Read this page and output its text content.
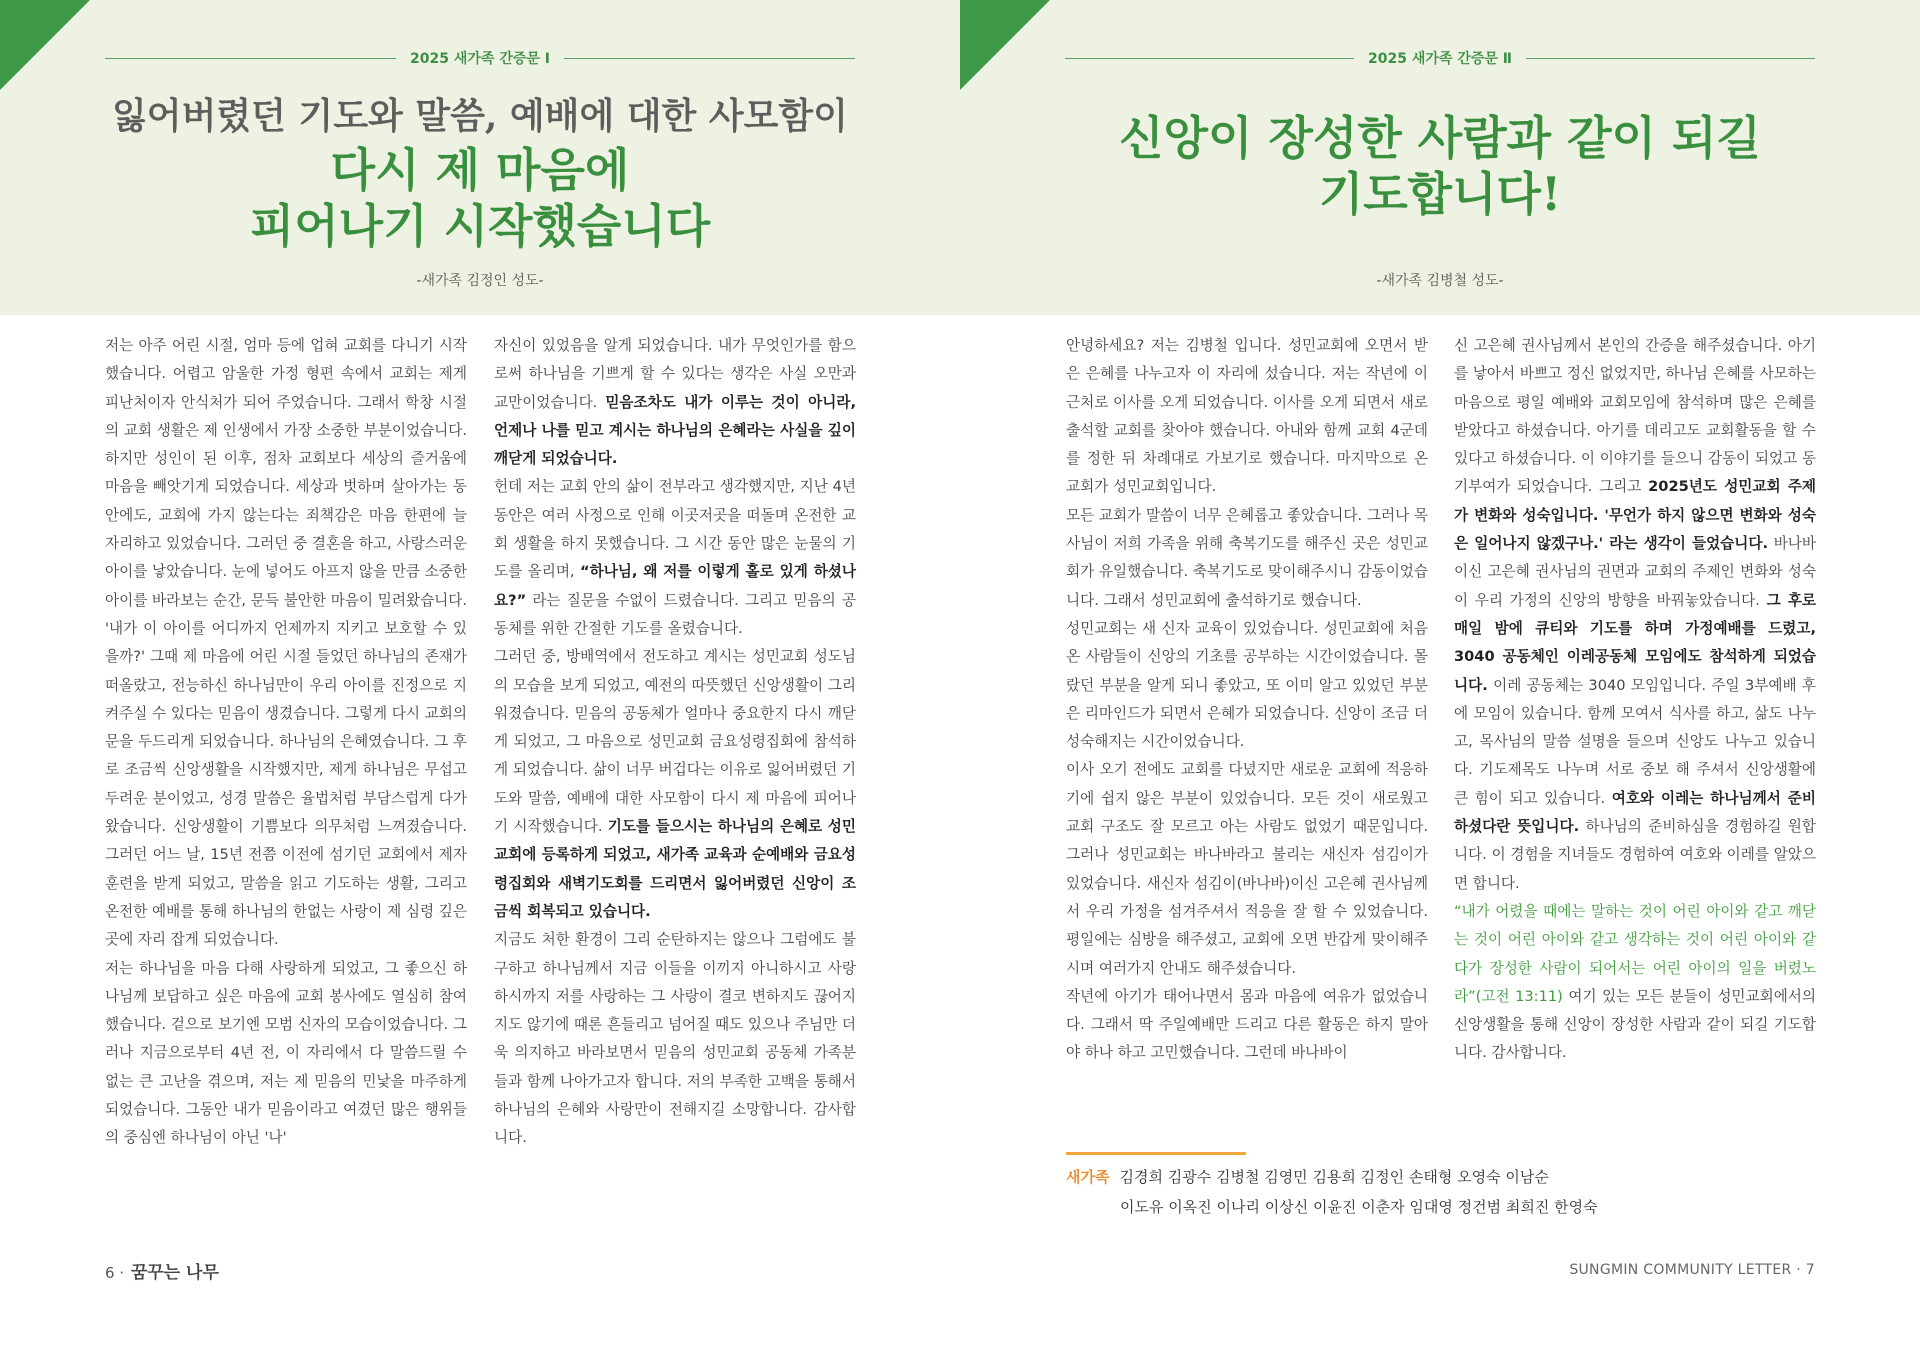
2025 새가족 간증문 Ⅰ
잃어버렸던 기도와 말씀, 예배에 대한 사모함이
다시 제 마음에
피어나기 시작했습니다
-새가족 김정인 성도-

저는 아주 어린 시절, 엄마 등에 업혀 교회를 다니기 시작했습니다. 어렵고 암울한 가정 형편 속에서 교회는 제게 피난처이자 안식처가 되어 주었습니다. 그래서 학창 시절의 교회 생활은 제 인생에서 가장 소중한 부분이었습니다. 하지만 성인이 된 이후, 점차 교회보다 세상의 즐거움에 마음을 빼앗기게 되었습니다. 세상과 벗하며 살아가는 동안에도, 교회에 가지 않는다는 죄책감은 마음 한편에 늘 자리하고 있었습니다. 그러던 중 결혼을 하고, 사랑스러운 아이를 낳았습니다. 눈에 넣어도 아프지 않을 만큼 소중한 아이를 바라보는 순간, 문득 불안한 마음이 밀려왔습니다. '내가 이 아이를 어디까지 언제까지 지키고 보호할 수 있을까?' 그때 제 마음에 어린 시절 들었던 하나님의 존재가 떠올랐고, 전능하신 하나님만이 우리 아이를 진정으로 지켜주실 수 있다는 믿음이 생겼습니다. 그렇게 다시 교회의 문을 두드리게 되었습니다. 하나님의 은혜였습니다. 그 후로 조금씩 신앙생활을 시작했지만, 제게 하나님은 무섭고 두려운 분이었고, 성경 말씀은 율법처럼 부담스럽게 다가왔습니다. 신앙생활이 기쁨보다 의무처럼 느껴졌습니다. 그러던 어느 날, 15년 전쯤 이전에 섬기던 교회에서 제자훈련을 받게 되었고, 말씀을 읽고 기도하는 생활, 그리고 온전한 예배를 통해 하나님의 한없는 사랑이 제 심령 깊은 곳에 자리 잡게 되었습니다.

저는 하나님을 마음 다해 사랑하게 되었고, 그 좋으신 하나님께 보답하고 싶은 마음에 교회 봉사에도 열심히 참여했습니다. 겉으로 보기엔 모범 신자의 모습이었습니다. 그러나 지금으로부터 4년 전, 이 자리에서 다 말씀드릴 수 없는 큰 고난을 겪으며, 저는 제 믿음의 민낯을 마주하게 되었습니다. 그동안 내가 믿음이라고 여겼던 많은 행위들의 중심엔 하나님이 아닌 '나'

자신이 있었음을 알게 되었습니다. 내가 무엇인가를 함으로써 하나님을 기쁘게 할 수 있다는 생각은 사실 오만과 교만이었습니다. 믿음조차도 내가 이루는 것이 아니라, 언제나 나를 믿고 계시는 하나님의 은혜라는 사실을 깊이 깨닫게 되었습니다.

헌데 저는 교회 안의 삶이 전부라고 생각했지만, 지난 4년 동안은 여러 사정으로 인해 이곳저곳을 떠돌며 온전한 교회 생활을 하지 못했습니다. 그 시간 동안 많은 눈물의 기도를 올리며, “하나님, 왜 저를 이렇게 홀로 있게 하셨나요?” 라는 질문을 수없이 드렸습니다. 그리고 믿음의 공동체를 위한 간절한 기도를 올렸습니다.

그러던 중, 방배역에서 전도하고 계시는 성민교회 성도님의 모습을 보게 되었고, 예전의 따뜻했던 신앙생활이 그리워졌습니다. 믿음의 공동체가 얼마나 중요한지 다시 깨닫게 되었고, 그 마음으로 성민교회 금요성령집회에 참석하게 되었습니다. 삶이 너무 버겁다는 이유로 잃어버렸던 기도와 말씀, 예배에 대한 사모함이 다시 제 마음에 피어나기 시작했습니다. 기도를 들으시는 하나님의 은혜로 성민교회에 등록하게 되었고, 새가족 교육과 순예배와 금요성령집회와 새벽기도회를 드리면서 잃어버렸던 신앙이 조금씩 회복되고 있습니다.

지금도 처한 환경이 그리 순탄하지는 않으나 그럼에도 불구하고 하나님께서 지금 이들을 이끼지 아니하시고 사랑하시까지 저를 사랑하는 그 사랑이 결코 변하지도 끊어지지도 않기에 때론 흔들리고 넘어질 때도 있으나 주님만 더욱 의지하고 바라보면서 믿음의 성민교회 공동체 가족분들과 함께 나아가고자 합니다. 저의 부족한 고백을 통해서 하나님의 은혜와 사랑만이 전해지길 소망합니다. 감사합니다.

6 · 꿈꾸는 나무
2025 새가족 간증문 Ⅱ
신앙이 장성한 사람과 같이 되길
기도합니다!
-새가족 김병철 성도-

안녕하세요? 저는 김병철 입니다. 성민교회에 오면서 받은 은혜를 나누고자 이 자리에 섰습니다. 저는 작년에 이 근처로 이사를 오게 되었습니다. 이사를 오게 되면서 새로 출석할 교회를 찾아야 했습니다. 아내와 함께 교회 4군데를 정한 뒤 차례대로 가보기로 했습니다. 마지막으로 온 교회가 성민교회입니다.

모든 교회가 말씀이 너무 은혜롭고 좋았습니다. 그러나 목사님이 저희 가족을 위해 축복기도를 해주신 곳은 성민교회가 유일했습니다. 축복기도로 맞이해주시니 감동이었습니다. 그래서 성민교회에 출석하기로 했습니다.

성민교회는 새 신자 교육이 있었습니다. 성민교회에 처음 온 사람들이 신앙의 기초를 공부하는 시간이었습니다. 몰랐던 부분을 알게 되니 좋았고, 또 이미 알고 있었던 부분은 리마인드가 되면서 은혜가 되었습니다. 신앙이 조금 더 성숙해지는 시간이었습니다.

이사 오기 전에도 교회를 다녔지만 새로운 교회에 적응하기에 쉽지 않은 부분이 있었습니다. 모든 것이 새로웠고 교회 구조도 잘 모르고 아는 사람도 없었기 때문입니다. 그러나 성민교회는 바나바라고 불리는 새신자 섬김이가 있었습니다. 새신자 섬김이(바나바)이신 고은혜 권사님께서 우리 가정을 섬겨주셔서 적응을 잘 할 수 있었습니다. 평일에는 심방을 해주셨고, 교회에 오면 반갑게 맞이해주시며 여러가지 안내도 해주셨습니다.

작년에 아기가 태어나면서 몸과 마음에 여유가 없었습니다. 그래서 딱 주일예배만 드리고 다른 활동은 하지 말아야 하나 하고 고민했습니다. 그런데 바나바이

신 고은혜 권사님께서 본인의 간증을 해주셨습니다. 아기를 낳아서 바쁘고 정신 없었지만, 하나님 은혜를 사모하는 마음으로 평일 예배와 교회모임에 참석하며 많은 은혜를 받았다고 하셨습니다. 아기를 데리고도 교회활동을 할 수 있다고 하셨습니다. 이 이야기를 들으니 감동이 되었고 동기부여가 되었습니다. 그리고 2025년도 성민교회 주제가 변화와 성숙입니다. '무언가 하지 않으면 변화와 성숙은 일어나지 않겠구나.' 라는 생각이 들었습니다. 바나바이신 고은혜 권사님의 권면과 교회의 주제인 변화와 성숙이 우리 가정의 신앙의 방향을 바꿔놓았습니다. 그 후로 매일 밤에 큐티와 기도를 하며 가정예배를 드렸고, 3040 공동체인 이레공동체 모임에도 참석하게 되었습니다. 이레 공동체는 3040 모임입니다. 주일 3부예배 후에 모임이 있습니다. 함께 모여서 식사를 하고, 삶도 나누고, 목사님의 말씀 설명을 들으며 신앙도 나누고 있습니다. 기도제목도 나누며 서로 중보 해 주셔서 신앙생활에 큰 힘이 되고 있습니다. 여호와 이레는 하나님께서 준비하셨다란 뜻입니다. 하나님의 준비하심을 경험하길 원합니다. 이 경험을 지녀들도 경험하여 여호와 이레를 알았으면 합니다.

“내가 어렸을 때에는 말하는 것이 어린 아이와 같고 깨닫는 것이 어린 아이와 같고 생각하는 것이 어린 아이와 같다가 장성한 사람이 되어서는 어린 아이의 일을 버렸노라”(고전 13:11) 여기 있는 모든 분들이 성민교회에서의 신앙생활을 통해 신앙이 장성한 사람과 같이 되길 기도합니다. 감사합니다.

새가족 김경희 김광수 김병철 김영민 김용희 김정인 손태형 오영숙 이남순
이도유 이옥진 이나리 이상신 이윤진 이춘자 임대영 정건범 최희진 한영숙
SUNGMIN COMMUNITY LETTER · 7
